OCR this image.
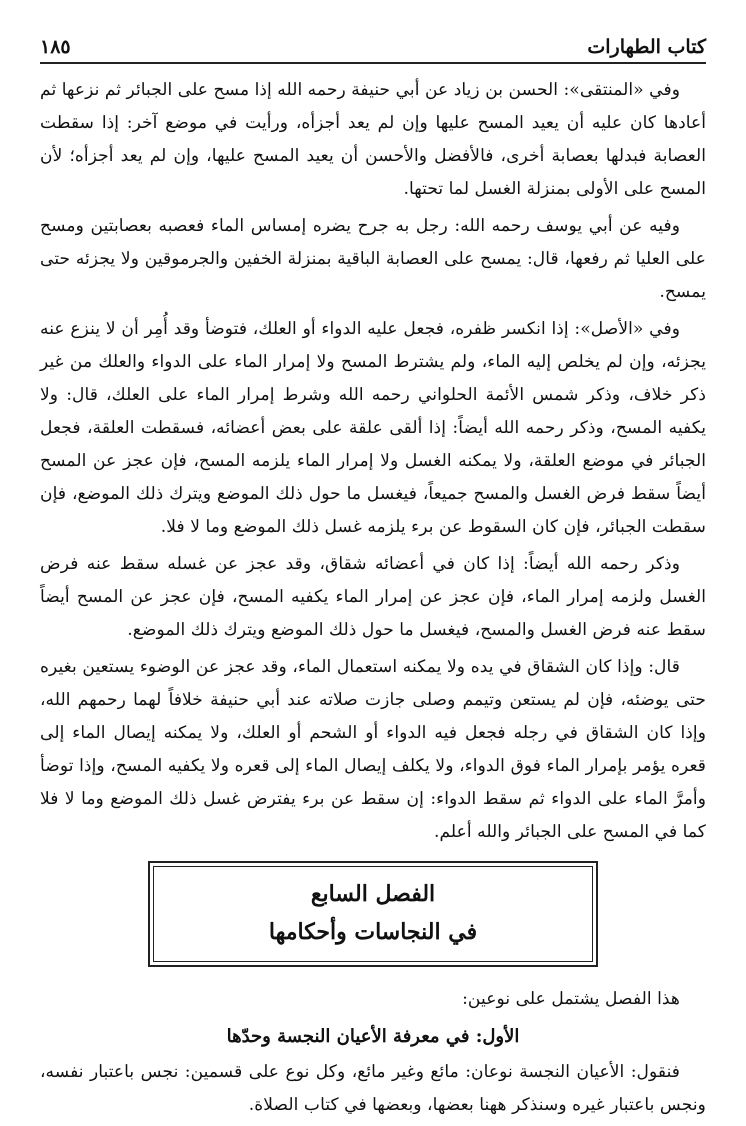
كتاب الطهارات
١٨٥

وفي «المنتقى»: الحسن بن زياد عن أبي حنيفة رحمه الله إذا مسح على الجبائر ثم نزعها ثم أعادها كان عليه أن يعيد المسح عليها وإن لم يعد أجزأه، ورأيت في موضع آخر: إذا سقطت العصابة فبدلها بعصابة أخرى، فالأفضل والأحسن أن يعيد المسح عليها، وإن لم يعد أجزأه؛ لأن المسح على الأولى بمنزلة الغسل لما تحتها.

وفيه عن أبي يوسف رحمه الله: رجل به جرح يضره إمساس الماء فعصبه بعصابتين ومسح على العليا ثم رفعها، قال: يمسح على العصابة الباقية بمنزلة الخفين والجرموقين ولا يجزئه حتى يمسح.

وفي «الأصل»: إذا انكسر ظفره، فجعل عليه الدواء أو العلك، فتوضأ وقد أُمِر أن لا ينزع عنه يجزئه، وإن لم يخلص إليه الماء، ولم يشترط المسح ولا إمرار الماء على الدواء والعلك من غير ذكر خلاف، وذكر شمس الأئمة الحلواني رحمه الله وشرط إمرار الماء على العلك، قال: ولا يكفيه المسح، وذكر رحمه الله أيضاً: إذا ألقى علقة على بعض أعضائه، فسقطت العلقة، فجعل الجبائر في موضع العلقة، ولا يمكنه الغسل ولا إمرار الماء يلزمه المسح، فإن عجز عن المسح أيضاً سقط فرض الغسل والمسح جميعاً، فيغسل ما حول ذلك الموضع ويترك ذلك الموضع، فإن سقطت الجبائر، فإن كان السقوط عن برء يلزمه غسل ذلك الموضع وما لا فلا.

وذكر رحمه الله أيضاً: إذا كان في أعضائه شقاق، وقد عجز عن غسله سقط عنه فرض الغسل ولزمه إمرار الماء، فإن عجز عن إمرار الماء يكفيه المسح، فإن عجز عن المسح أيضاً سقط عنه فرض الغسل والمسح، فيغسل ما حول ذلك الموضع ويترك ذلك الموضع.

قال: وإذا كان الشقاق في يده ولا يمكنه استعمال الماء، وقد عجز عن الوضوء يستعين بغيره حتى يوضئه، فإن لم يستعن وتيمم وصلى جازت صلاته عند أبي حنيفة خلافاً لهما رحمهم الله، وإذا كان الشقاق في رجله فجعل فيه الدواء أو الشحم أو العلك، ولا يمكنه إيصال الماء إلى قعره يؤمر بإمرار الماء فوق الدواء، ولا يكلف إيصال الماء إلى قعره ولا يكفيه المسح، وإذا توضأ وأمرَّ الماء على الدواء ثم سقط الدواء: إن سقط عن برء يفترض غسل ذلك الموضع وما لا فلا كما في المسح على الجبائر والله أعلم.

الفصل السابع
في النجاسات وأحكامها

هذا الفصل يشتمل على نوعين:

الأول: في معرفة الأعيان النجسة وحدّها

فنقول: الأعيان النجسة نوعان: مائع وغير مائع، وكل نوع على قسمين: نجس باعتبار نفسه، ونجس باعتبار غيره وسنذكر ههنا بعضها، وبعضها في كتاب الصلاة.
